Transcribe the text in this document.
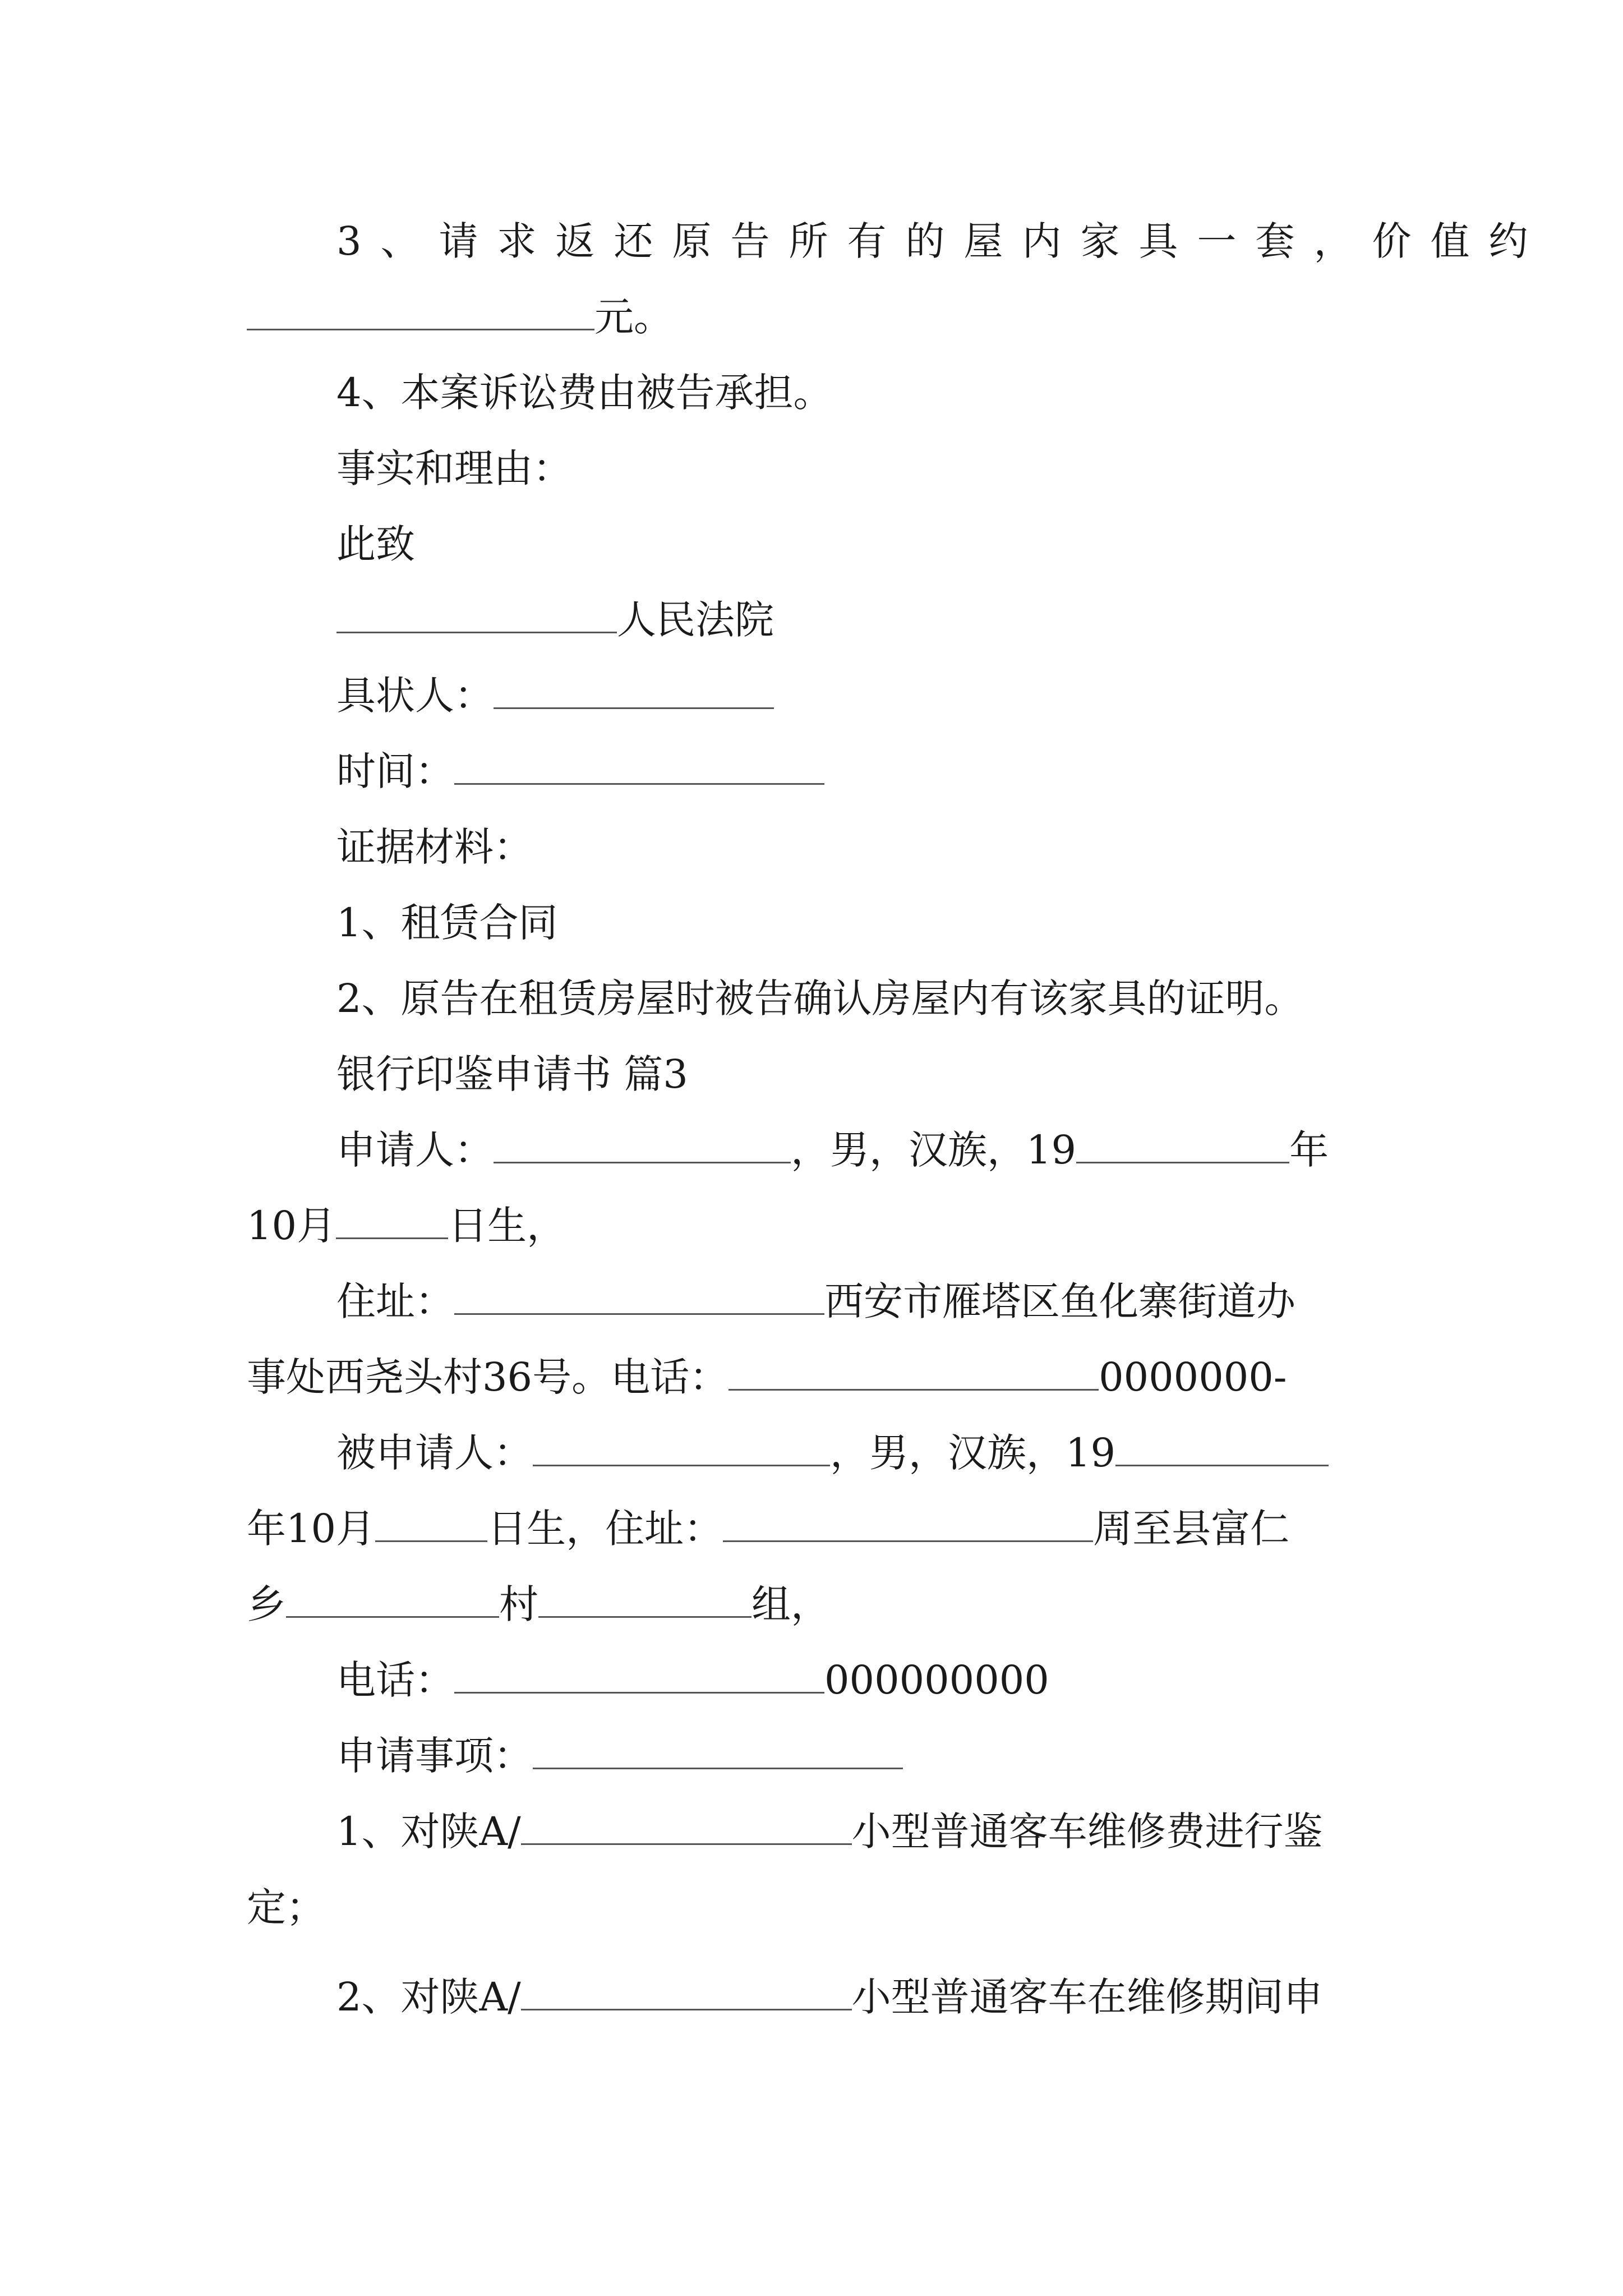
3、请求返还原告所有的屋内家具一套，价值约
元。
4、本案诉讼费由被告承担。
事实和理由：
此致
人民法院
具状人：
时间：
证据材料：
1、租赁合同
2、原告在租赁房屋时被告确认房屋内有该家具的证明。
银行印鉴申请书 篇3
申请人：	，男，汉族，19	年
10月	日生，
住址：	西安市雁塔区鱼化寨街道办
事处西尧头村36号。电话：	0000000-
被申请人：	，男，汉族，19
年10月	日生，住址：	周至县富仁
乡	村	组，
电话：	000000000
申请事项：
1、对陕A/	小型普通客车维修费进行鉴
定；
2、对陕A/	小型普通客车在维修期间申
